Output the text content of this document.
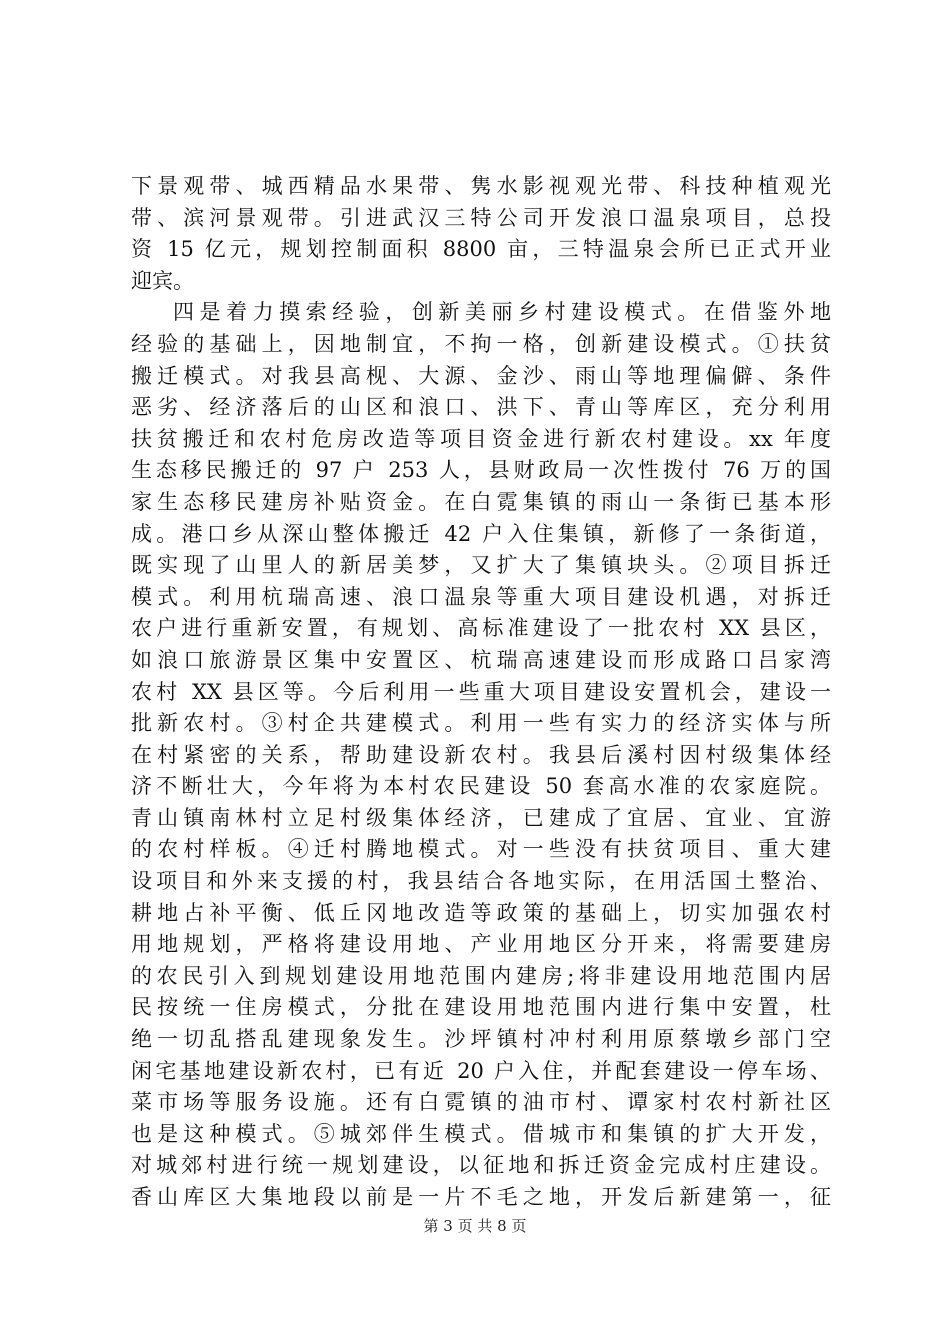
下景观带、城西精品水果带、隽水影视观光带、科技种植观光
带、滨河景观带。引进武汉三特公司开发浪口温泉项目，总投
资 15 亿元，规划控制面积 8800 亩，三特温泉会所已正式开业
迎宾。
四是着力摸索经验，创新美丽乡村建设模式。在借鉴外地
经验的基础上，因地制宜，不拘一格，创新建设模式。①扶贫
搬迁模式。对我县高枧、大源、金沙、雨山等地理偏僻、条件
恶劣、经济落后的山区和浪口、洪下、青山等库区，充分利用
扶贫搬迁和农村危房改造等项目资金进行新农村建设。xx 年度
生态移民搬迁的 97 户 253 人，县财政局一次性拨付 76 万的国
家生态移民建房补贴资金。在白霓集镇的雨山一条街已基本形
成。港口乡从深山整体搬迁 42 户入住集镇，新修了一条街道，
既实现了山里人的新居美梦，又扩大了集镇块头。②项目拆迁
模式。利用杭瑞高速、浪口温泉等重大项目建设机遇，对拆迁
农户进行重新安置，有规划、高标准建设了一批农村 XX 县区，
如浪口旅游景区集中安置区、杭瑞高速建设而形成路口吕家湾
农村 XX 县区等。今后利用一些重大项目建设安置机会，建设一
批新农村。③村企共建模式。利用一些有实力的经济实体与所
在村紧密的关系，帮助建设新农村。我县后溪村因村级集体经
济不断壮大，今年将为本村农民建设 50 套高水准的农家庭院。
青山镇南林村立足村级集体经济，已建成了宜居、宜业、宜游
的农村样板。④迁村腾地模式。对一些没有扶贫项目、重大建
设项目和外来支援的村，我县结合各地实际，在用活国土整治、
耕地占补平衡、低丘冈地改造等政策的基础上，切实加强农村
用地规划，严格将建设用地、产业用地区分开来，将需要建房
的农民引入到规划建设用地范围内建房;将非建设用地范围内居
民按统一住房模式，分批在建设用地范围内进行集中安置，杜
绝一切乱搭乱建现象发生。沙坪镇村冲村利用原蔡墩乡部门空
闲宅基地建设新农村，已有近 20 户入住，并配套建设一停车场、
菜市场等服务设施。还有白霓镇的油市村、谭家村农村新社区
也是这种模式。⑤城郊伴生模式。借城市和集镇的扩大开发，
对城郊村进行统一规划建设，以征地和拆迁资金完成村庄建设。
香山库区大集地段以前是一片不毛之地，开发后新建第一，征
第 3 页 共 8 页
